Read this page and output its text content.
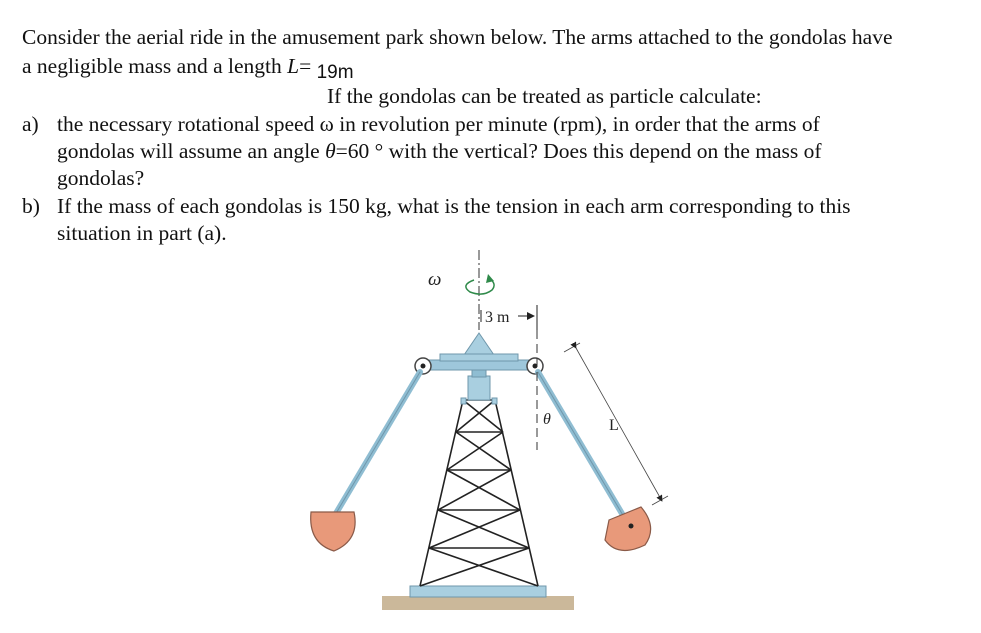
Consider the aerial ride in the amusement park shown below. The arms attached to the gondolas have
a negligible mass and a length L= 19m
If the gondolas can be treated as particle calculate:
a) the necessary rotational speed ω in revolution per minute (rpm), in order that the arms of
gondolas will assume an angle θ=60 ° with the vertical? Does this depend on the mass of
gondolas?
b) If the mass of each gondolas is 150 kg, what is the tension in each arm corresponding to this
situation in part (a).
ω
3 m
θ	L
